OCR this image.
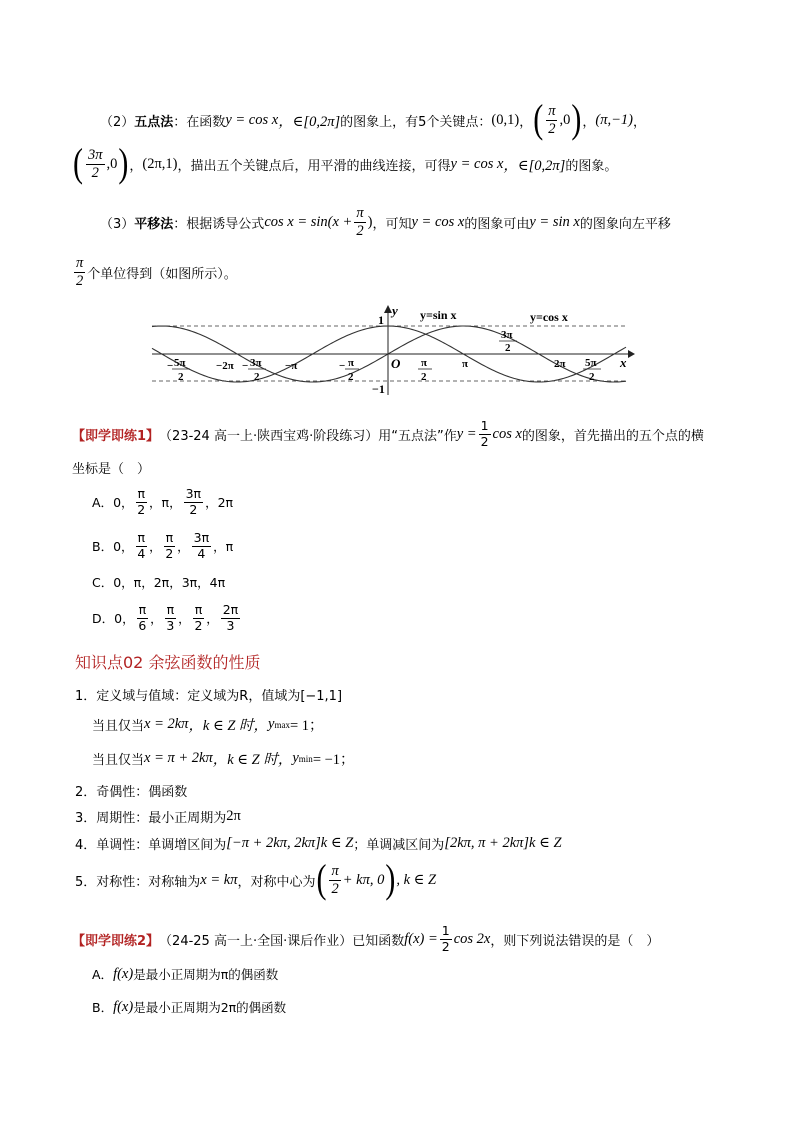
（2） 五点法 ：在函数 y = cos x ，∈[0,2π] 的图象上，有5个关键点： (0,1) ， ( $\frac{\pi}{2} ,0$ ) ， (π,−1) ，
( $\frac{3\pi}{2} ,0$ ) ， (2π,1) ，描出五个关键点后，用平滑的曲线连接，可得 y = cos x ，∈[0,2π] 的图象。
（3） 平移法 ：根据诱导公式 $\cos x = \sin(x + \frac{\pi}{2}$ ) ，可知 y = cos x 的图象可由 y = sin x 的图象向左平移
$\frac{\pi}{2}$ 个单位得到（如图所示）。
y
x
1
−1
O
y=sin x	y=cos x
5π
2
−	−2π 3π
2
−	−π	π
2
−	π
2
π
3π
2
2π 5π
2
【即学即练1】 （23-24 高一上·陕西宝鸡·阶段练习）用“五点法”作 $y = \frac{1}{2}$ cos x 的图象，首先描出的五个点的横
坐标是（　）
A． 0， $\frac{\pi}{2}$ ，π， $\frac{3\pi}{2}$ ，2π
B． 0， $\frac{\pi}{4}$ ， $\frac{\pi}{2}$ ， $\frac{3\pi}{4}$ ，π
C． 0，π，2π，3π，4π
D． 0， $\frac{\pi}{6}$ ， $\frac{\pi}{3}$ ， $\frac{\pi}{2}$ ， $\frac{2\pi}{3}$
知识点02 余弦函数的性质
1． 定义域与值域：定义域为R，值域为[−1,1]
当且仅当 x = 2kπ ，k ∈ Z 时， y max = 1；
当且仅当 x = π + 2kπ ，k ∈ Z 时， y min = −1；
2．奇偶性：偶函数
3．周期性：最小正周期为 2π
4．单调性：单调增区间为 [−π + 2kπ, 2kπ]k ∈ Z ；单调减区间为 [2kπ, π + 2kπ]k ∈ Z
5．对称性：对称轴为 x = kπ ，对称中心为 ( $\frac{\pi}{2} + k\pi$, 0 ) , k ∈ Z
【即学即练2】 （24-25 高一上·全国·课后作业）已知函数 $f(x) = \frac{1}{2}$ cos 2x ，则下列说法错误的是（　）
A． f(x) 是最小正周期为π的偶函数
B． f(x) 是最小正周期为2π的偶函数
